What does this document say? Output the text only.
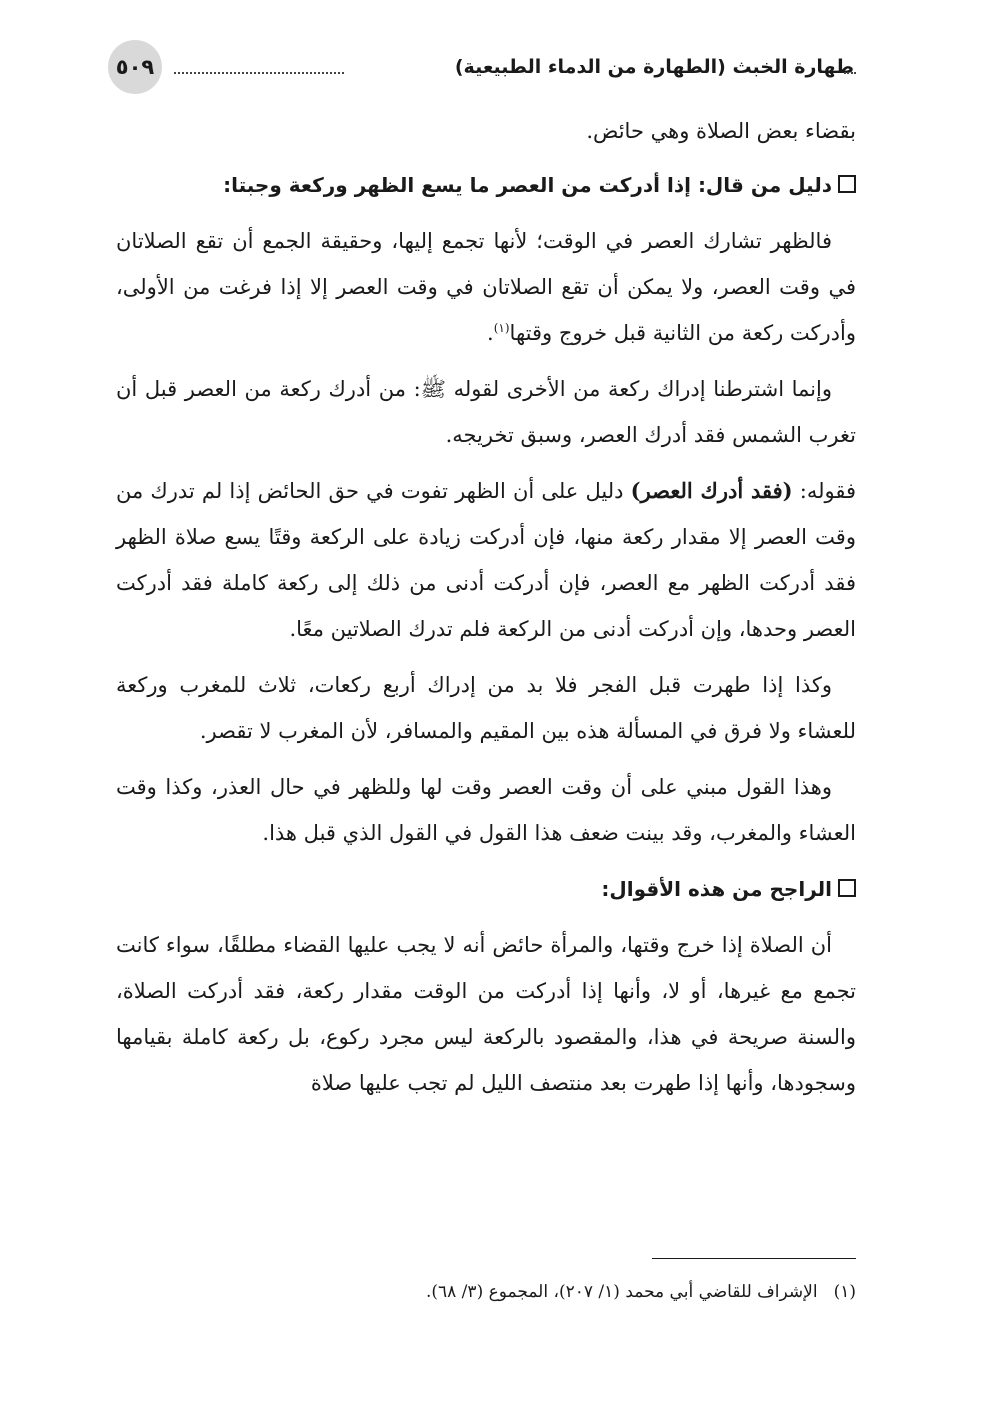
طهارة الخبث (الطهارة من الدماء الطبيعية)
٥٠٩

بقضاء بعض الصلاة وهي حائض.

دليل من قال: إذا أدركت من العصر ما يسع الظهر وركعة وجبتا:

فالظهر تشارك العصر في الوقت؛ لأنها تجمع إليها، وحقيقة الجمع أن تقع الصلاتان في وقت العصر، ولا يمكن أن تقع الصلاتان في وقت العصر إلا إذا فرغت من الأولى، وأدركت ركعة من الثانية قبل خروج وقتها$^{(١)}$.

وإنما اشترطنا إدراك ركعة من الأخرى لقوله ﷺ: من أدرك ركعة من العصر قبل أن تغرب الشمس فقد أدرك العصر، وسبق تخريجه.

فقوله: (فقد أدرك العصر) دليل على أن الظهر تفوت في حق الحائض إذا لم تدرك من وقت العصر إلا مقدار ركعة منها، فإن أدركت زيادة على الركعة وقتًا يسع صلاة الظهر فقد أدركت الظهر مع العصر، فإن أدركت أدنى من ذلك إلى ركعة كاملة فقد أدركت العصر وحدها، وإن أدركت أدنى من الركعة فلم تدرك الصلاتين معًا.

وكذا إذا طهرت قبل الفجر فلا بد من إدراك أربع ركعات، ثلاث للمغرب وركعة للعشاء ولا فرق في المسألة هذه بين المقيم والمسافر، لأن المغرب لا تقصر.

وهذا القول مبني على أن وقت العصر وقت لها وللظهر في حال العذر، وكذا وقت العشاء والمغرب، وقد بينت ضعف هذا القول في القول الذي قبل هذا.

الراجح من هذه الأقوال:

أن الصلاة إذا خرج وقتها، والمرأة حائض أنه لا يجب عليها القضاء مطلقًا، سواء كانت تجمع مع غيرها، أو لا، وأنها إذا أدركت من الوقت مقدار ركعة، فقد أدركت الصلاة، والسنة صريحة في هذا، والمقصود بالركعة ليس مجرد ركوع، بل ركعة كاملة بقيامها وسجودها، وأنها إذا طهرت بعد منتصف الليل لم تجب عليها صلاة

(١)الإشراف للقاضي أبي محمد (١/ ٢٠٧)، المجموع (٣/ ٦٨).
